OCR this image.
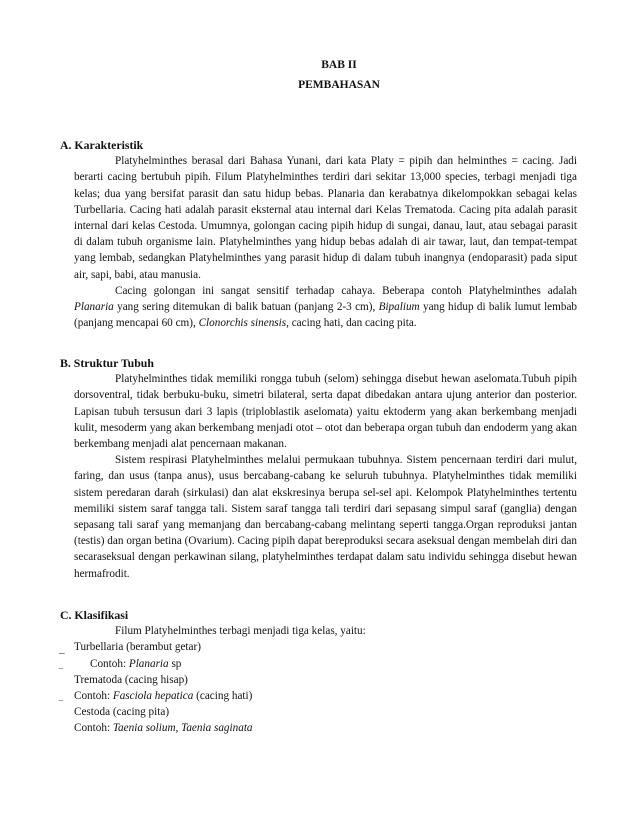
BAB II
PEMBAHASAN
A. Karakteristik

Platyhelminthes berasal dari Bahasa Yunani, dari kata Platy = pipih dan helminthes = cacing. Jadi berarti cacing bertubuh pipih. Filum Platyhelminthes terdiri dari sekitar 13,000 species, terbagi menjadi tiga kelas; dua yang bersifat parasit dan satu hidup bebas. Planaria dan kerabatnya dikelompokkan sebagai kelas Turbellaria. Cacing hati adalah parasit eksternal atau internal dari Kelas Trematoda. Cacing pita adalah parasit internal dari kelas Cestoda. Umumnya, golongan cacing pipih hidup di sungai, danau, laut, atau sebagai parasit di dalam tubuh organisme lain. Platyhelminthes yang hidup bebas adalah di air tawar, laut, dan tempat-tempat yang lembab, sedangkan Platyhelminthes yang parasit hidup di dalam tubuh inangnya (endoparasit) pada siput air, sapi, babi, atau manusia.

Cacing golongan ini sangat sensitif terhadap cahaya. Beberapa contoh Platyhelminthes adalah Planaria yang sering ditemukan di balik batuan (panjang 2-3 cm), Bipalium yang hidup di balik lumut lembab (panjang mencapai 60 cm), Clonorchis sinensis, cacing hati, dan cacing pita.

B. Struktur Tubuh

Platyhelminthes tidak memiliki rongga tubuh (selom) sehingga disebut hewan aselomata.Tubuh pipih dorsoventral, tidak berbuku-buku, simetri bilateral, serta dapat dibedakan antara ujung anterior dan posterior. Lapisan tubuh tersusun dari 3 lapis (triploblastik aselomata) yaitu ektoderm yang akan berkembang menjadi kulit, mesoderm yang akan berkembang menjadi otot – otot dan beberapa organ tubuh dan endoderm yang akan berkembang menjadi alat pencernaan makanan.

Sistem respirasi Platyhelminthes melalui permukaan tubuhnya. Sistem pencernaan terdiri dari mulut, faring, dan usus (tanpa anus), usus bercabang-cabang ke seluruh tubuhnya. Platyhelminthes tidak memiliki sistem peredaran darah (sirkulasi) dan alat ekskresinya berupa sel-sel api. Kelompok Platyhelminthes tertentu memiliki sistem saraf tangga tali. Sistem saraf tangga tali terdiri dari sepasang simpul saraf (ganglia) dengan sepasang tali saraf yang memanjang dan bercabang-cabang melintang seperti tangga.Organ reproduksi jantan (testis) dan organ betina (Ovarium). Cacing pipih dapat bereproduksi secara aseksual dengan membelah diri dan secaraseksual dengan perkawinan silang, platyhelminthes terdapat dalam satu individu sehingga disebut hewan hermafrodit.

C. Klasifikasi
Filum Platyhelminthes terbagi menjadi tiga kelas, yaitu:
_ Turbellaria (berambut getar)
Contoh: Planaria sp
‾ Trematoda (cacing hisap)
Contoh: Fasciola hepatica (cacing hati)
‾ Cestoda (cacing pita)
Contoh: Taenia solium, Taenia saginata
